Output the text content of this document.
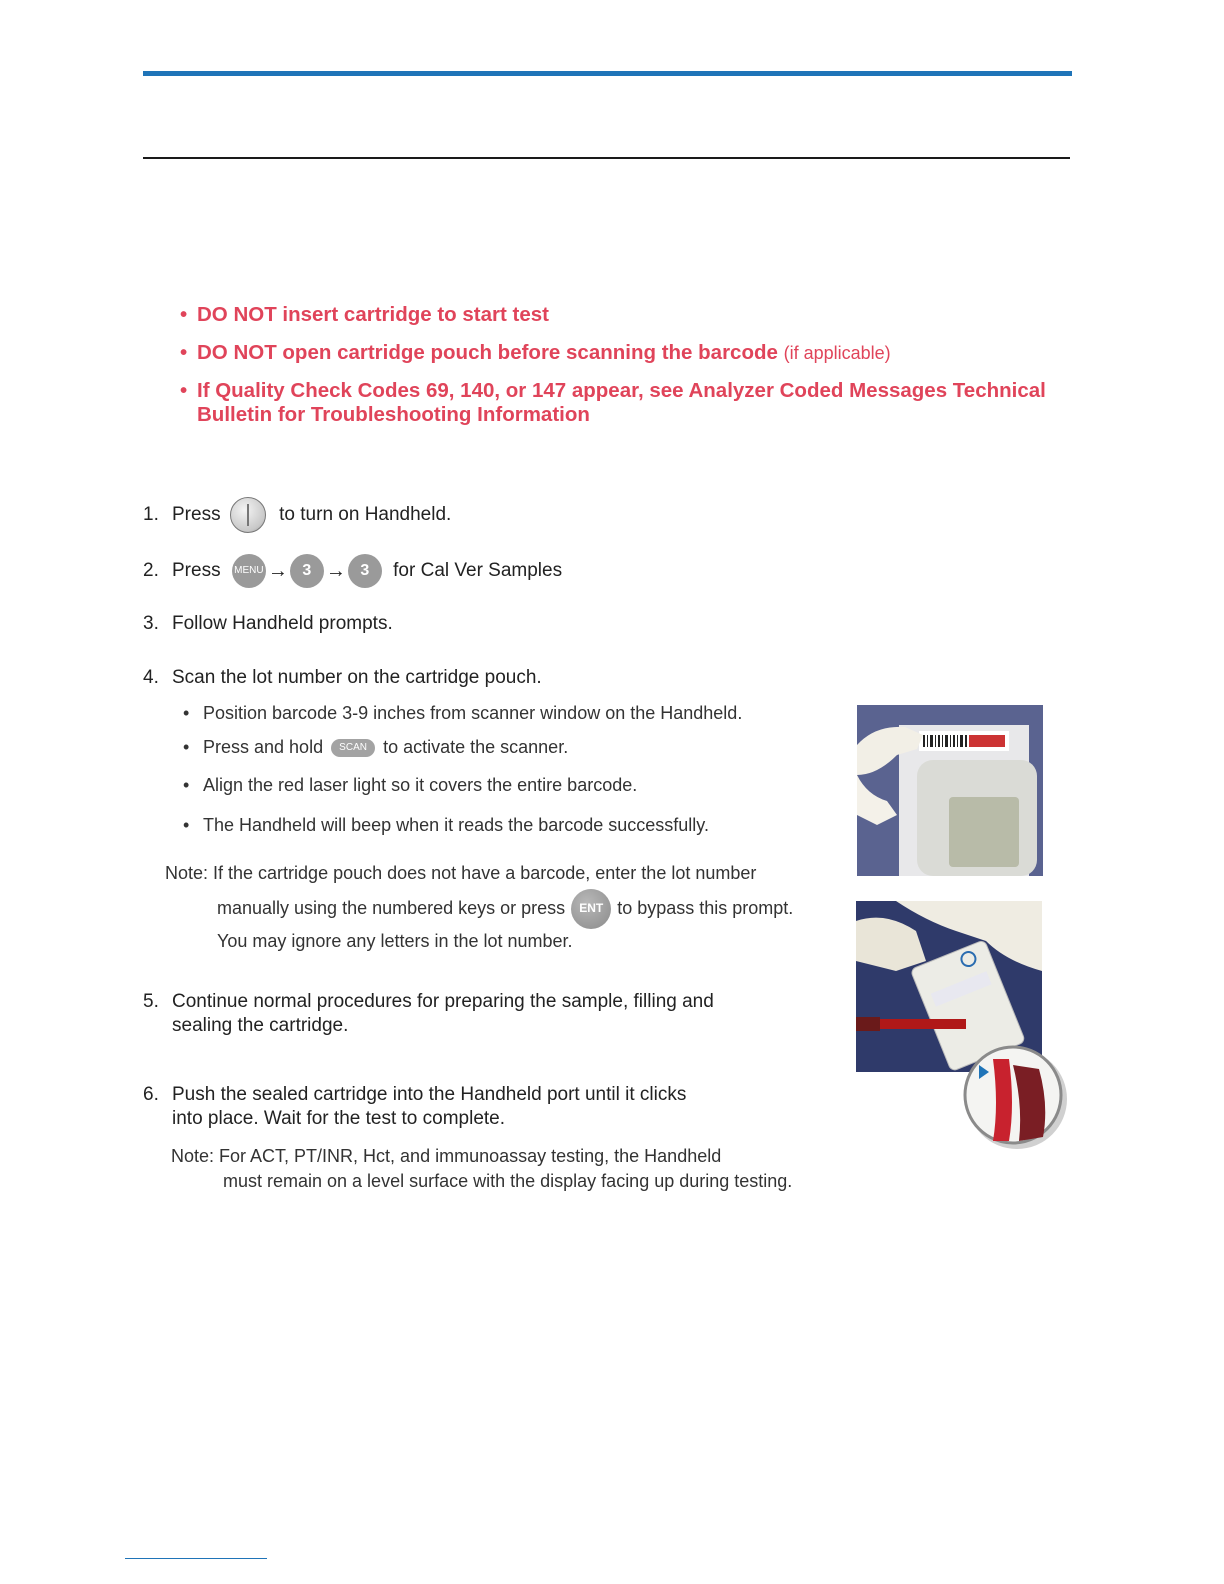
• DO NOT insert cartridge to start test
• DO NOT open cartridge pouch before scanning the barcode (if applicable)
• If Quality Check Codes 69, 140, or 147 appear, see Analyzer Coded Messages Technical
Bulletin for Troubleshooting Information
1. Press	to turn on Handheld.
2. Press MENU → 3 → 3 for Cal Ver Samples
3. Follow Handheld prompts.
4. Scan the lot number on the cartridge pouch.
• Position barcode 3-9 inches from scanner window on the Handheld.
• Press and hold SCAN to activate the scanner.
• Align the red laser light so it covers the entire barcode.
• The Handheld will beep when it reads the barcode successfully.
Note: If the cartridge pouch does not have a barcode, enter the lot number
manually using the numbered keys or press ENT to bypass this prompt.
You may ignore any letters in the lot number.
5. Continue normal procedures for preparing the sample, filling and
sealing the cartridge.
6. Push the sealed cartridge into the Handheld port until it clicks
into place. Wait for the test to complete.
Note: For ACT, PT/INR, Hct, and immunoassay testing, the Handheld
must remain on a level surface with the display facing up during testing.
